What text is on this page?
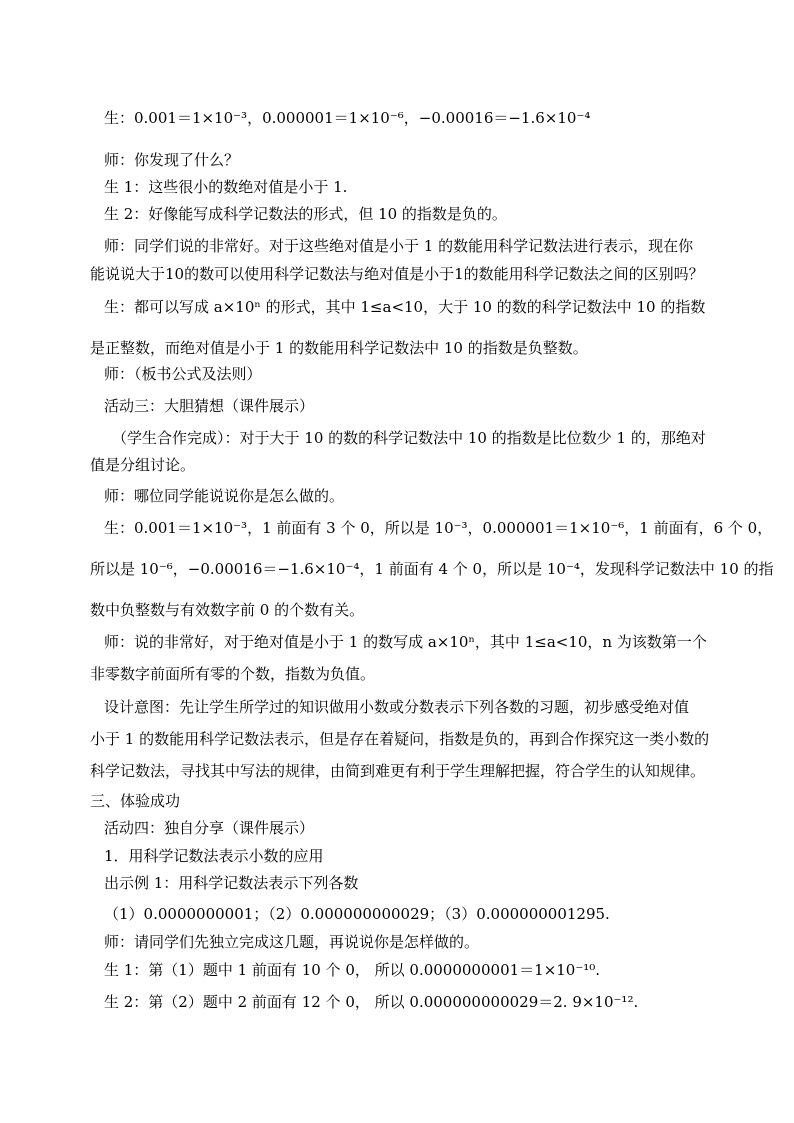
生：0.001＝1×10⁻³，0.000001＝1×10⁻⁶，−0.00016＝−1.6×10⁻⁴
师：你发现了什么？
生 1：这些很小的数绝对值是小于 1.
生 2：好像能写成科学记数法的形式，但 10 的指数是负的。
师：同学们说的非常好。对于这些绝对值是小于 1 的数能用科学记数法进行表示，现在你
能说说大于10的数可以使用科学记数法与绝对值是小于1的数能用科学记数法之间的区别吗？
生：都可以写成 a×10ⁿ 的形式，其中 1≤a<10，大于 10 的数的科学记数法中 10 的指数
是正整数，而绝对值是小于 1 的数能用科学记数法中 10 的指数是负整数。
师：（板书公式及法则）
活动三：大胆猜想（课件展示）
（学生合作完成）：对于大于 10 的数的科学记数法中 10 的指数是比位数少 1 的，那绝对
值是分组讨论。
师：哪位同学能说说你是怎么做的。
生：0.001＝1×10⁻³，1 前面有 3 个 0，所以是 10⁻³，0.000001＝1×10⁻⁶，1 前面有，6 个 0，
所以是 10⁻⁶，−0.00016＝−1.6×10⁻⁴，1 前面有 4 个 0，所以是 10⁻⁴，发现科学记数法中 10 的指
数中负整数与有效数字前 0 的个数有关。
师：说的非常好，对于绝对值是小于 1 的数写成 a×10ⁿ，其中 1≤a<10，n 为该数第一个
非零数字前面所有零的个数，指数为负值。
设计意图：先让学生所学过的知识做用小数或分数表示下列各数的习题，初步感受绝对值
小于 1 的数能用科学记数法表示，但是存在着疑问，指数是负的，再到合作探究这一类小数的
科学记数法，寻找其中写法的规律，由简到难更有利于学生理解把握，符合学生的认知规律。
三、体验成功
活动四：独自分享（课件展示）
1．用科学记数法表示小数的应用
出示例 1：用科学记数法表示下列各数
（1）0.0000000001；（2）0.000000000029；（3）0.000000001295.
师：请同学们先独立完成这几题，再说说你是怎样做的。
生 1：第（1）题中 1 前面有 10 个 0， 所以 0.0000000001＝1×10⁻¹⁰.
生 2：第（2）题中 2 前面有 12 个 0， 所以 0.000000000029＝2. 9×10⁻¹².
